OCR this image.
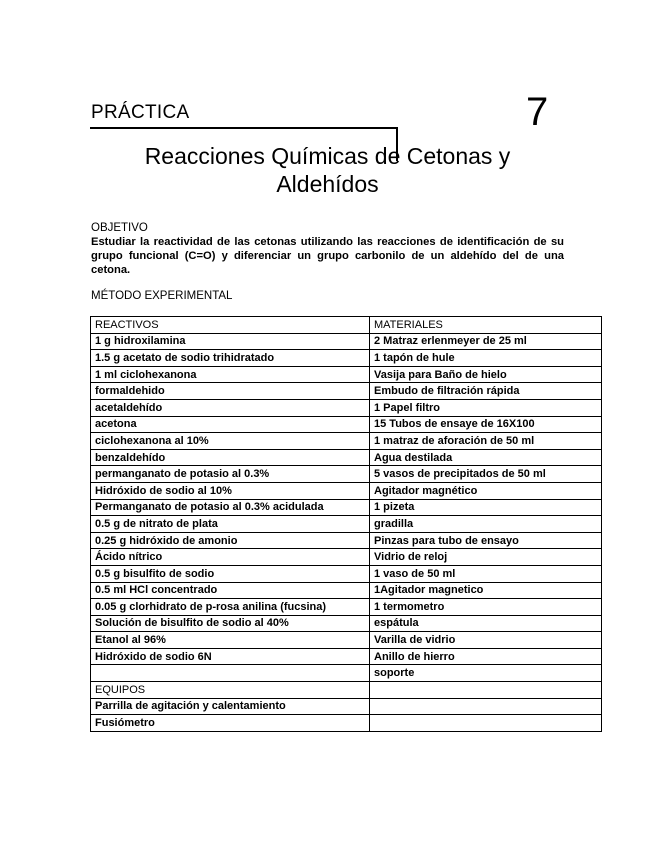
PRÁCTICA	7
Reacciones Químicas de Cetonas y Aldehídos
OBJETIVO
Estudiar la reactividad de las cetonas utilizando las reacciones de identificación de su grupo funcional (C=O) y diferenciar un grupo carbonilo de un aldehído del de una cetona.
MÉTODO EXPERIMENTAL
REACTIVOS	MATERIALES
1 g hidroxilamina	2 Matraz erlenmeyer de 25 ml
1.5 g acetato de sodio trihidratado	1 tapón de hule
1 ml ciclohexanona	Vasija para Baño de hielo
formaldehido	Embudo de filtración rápida
acetaldehído	1 Papel filtro
acetona	15 Tubos de ensaye de 16X100
ciclohexanona al 10%	1 matraz de aforación de 50 ml
benzaldehído	Agua destilada
permanganato de potasio al 0.3%	5 vasos de precipitados de 50 ml
Hidróxido de sodio al 10%	Agitador magnético
Permanganato de potasio al 0.3% acidulada	1 pizeta
0.5 g de nitrato de plata	gradilla
0.25 g hidróxido de amonio	Pinzas para tubo de ensayo
Ácido nítrico	Vidrio de reloj
0.5 g bisulfito de sodio	1 vaso de 50 ml
0.5 ml HCl concentrado	1Agitador magnetico
0.05 g clorhidrato de p-rosa anilina (fucsina)	1 termometro
Solución de bisulfito de sodio al 40%	espátula
Etanol al 96%	Varilla de vidrio
Hidróxido de sodio 6N	Anillo de hierro
	soporte
EQUIPOS	
Parrilla de agitación y calentamiento	
Fusiómetro	
